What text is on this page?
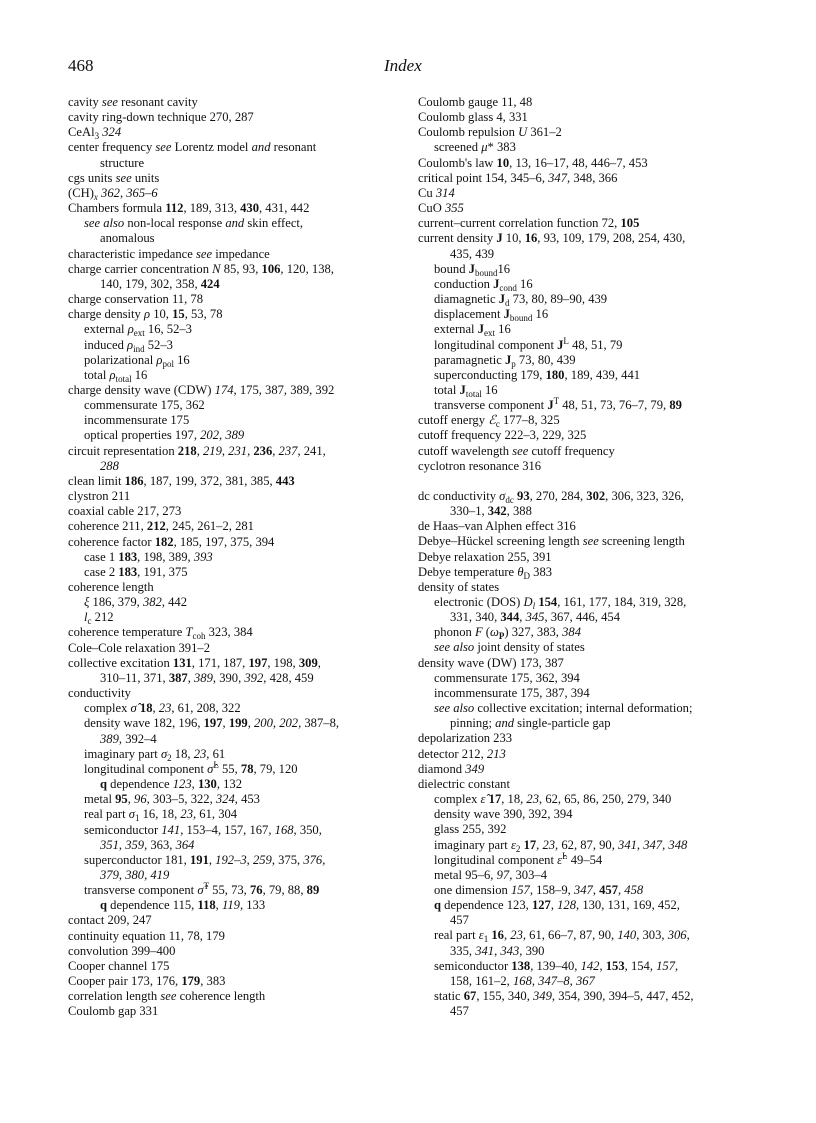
468	Index
cavity see resonant cavity
cavity ring-down technique 270, 287
CeAl$_3$ 324
center frequency see Lorentz model and resonant
structure
cgs units see units
$(CH)_x$ 362, 365–6
Chambers formula 112, 189, 313, 430, 431, 442
see also non-local response and skin effect,
anomalous
characteristic impedance see impedance
charge carrier concentration N 85, 93, 106, 120, 138,
140, 179, 302, 358, 424
charge conservation 11, 78
charge density ρ 10, 15, 53, 78
external $\rho_{ext}$ 16, 52–3
induced $\rho_{ind}$ 52–3
polarizational $\rho_{pol}$ 16
total $\rho_{total}$ 16
charge density wave (CDW) 174, 175, 387, 389, 392
commensurate 175, 362
incommensurate 175
optical properties 197, 202, 389
circuit representation 218, 219, 231, 236, 237, 241,
288
clean limit 186, 187, 199, 372, 381, 385, 443
clystron 211
coaxial cable 217, 273
coherence 211, 212, 245, 261–2, 281
coherence factor 182, 185, 197, 375, 394
case 1 183, 198, 389, 393
case 2 183, 191, 375
coherence length
ξ 186, 379, 382, 442
$l_c$ 212
coherence temperature $T_{coh}$ 323, 384
Cole–Cole relaxation 391–2
collective excitation 131, 171, 187, 197, 198, 309,
310–11, 371, 387, 389, 390, 392, 428, 459
conductivity
complex σ̂ 18, 23, 61, 208, 322
density wave 182, 196, 197, 199, 200, 202, 387–8,
389, 392–4
imaginary part $\sigma_2$ 18, 23, 61
longitudinal component σ̂$^L$ 55, 78, 79, 120
q dependence 123, 130, 132
metal 95, 96, 303–5, 322, 324, 453
real part $\sigma_1$ 16, 18, 23, 61, 304
semiconductor 141, 153–4, 157, 167, 168, 350,
351, 359, 363, 364
superconductor 181, 191, 192–3, 259, 375, 376,
379, 380, 419
transverse component σ̂$^T$ 55, 73, 76, 79, 88, 89
q dependence 115, 118, 119, 133
contact 209, 247
continuity equation 11, 78, 179
convolution 399–400
Cooper channel 175
Cooper pair 173, 176, 179, 383
correlation length see coherence length
Coulomb gap 331
Coulomb gauge 11, 48
Coulomb glass 4, 331
Coulomb repulsion U 361–2
screened μ* 383
Coulomb's law 10, 13, 16–17, 48, 446–7, 453
critical point 154, 345–6, 347, 348, 366
Cu 314
CuO 355
current–current correlation function 72, 105
current density J 10, 16, 93, 109, 179, 208, 254, 430,
435, 439
bound $J_{bound}16$
conduction $J_{cond}$ 16
diamagnetic $J_d$ 73, 80, 89–90, 439
displacement $J_{bound}$ 16
external $J_{ext}$ 16
longitudinal component $J^L$ 48, 51, 79
paramagnetic $J_p$ 73, 80, 439
superconducting 179, 180, 189, 439, 441
total $J_{total}$ 16
transverse component $J^T$ 48, 51, 73, 76–7, 79, 89
cutoff energy ℰ$_c$ 177–8, 325
cutoff frequency 222–3, 229, 325
cutoff wavelength see cutoff frequency
cyclotron resonance 316
dc conductivity $\sigma_{dc}$ 93, 270, 284, 302, 306, 323, 326,
330–1, 342, 388
de Haas–van Alphen effect 316
Debye–Hückel screening length see screening length
Debye relaxation 255, 391
Debye temperature $\theta_D$ 383
density of states
electronic (DOS) $D_l$ 154, 161, 177, 184, 319, 328,
331, 340, 344, 345, 367, 446, 454
phonon F $(\omega_P)$ 327, 383, 384
see also joint density of states
density wave (DW) 173, 387
commensurate 175, 362, 394
incommensurate 175, 387, 394
see also collective excitation; internal deformation;
pinning; and single-particle gap
depolarization 233
detector 212, 213
diamond 349
dielectric constant
complex ε̂ 17, 18, 23, 62, 65, 86, 250, 279, 340
density wave 390, 392, 394
glass 255, 392
imaginary part $\varepsilon_2$ 17, 23, 62, 87, 90, 341, 347, 348
longitudinal component ε̂$^L$ 49–54
metal 95–6, 97, 303–4
one dimension 157, 158–9, 347, 457, 458
q dependence 123, 127, 128, 130, 131, 169, 452,
457
real part $\varepsilon_1$ 16, 23, 61, 66–7, 87, 90, 140, 303, 306,
335, 341, 343, 390
semiconductor 138, 139–40, 142, 153, 154, 157,
158, 161–2, 168, 347–8, 367
static 67, 155, 340, 349, 354, 390, 394–5, 447, 452,
457
